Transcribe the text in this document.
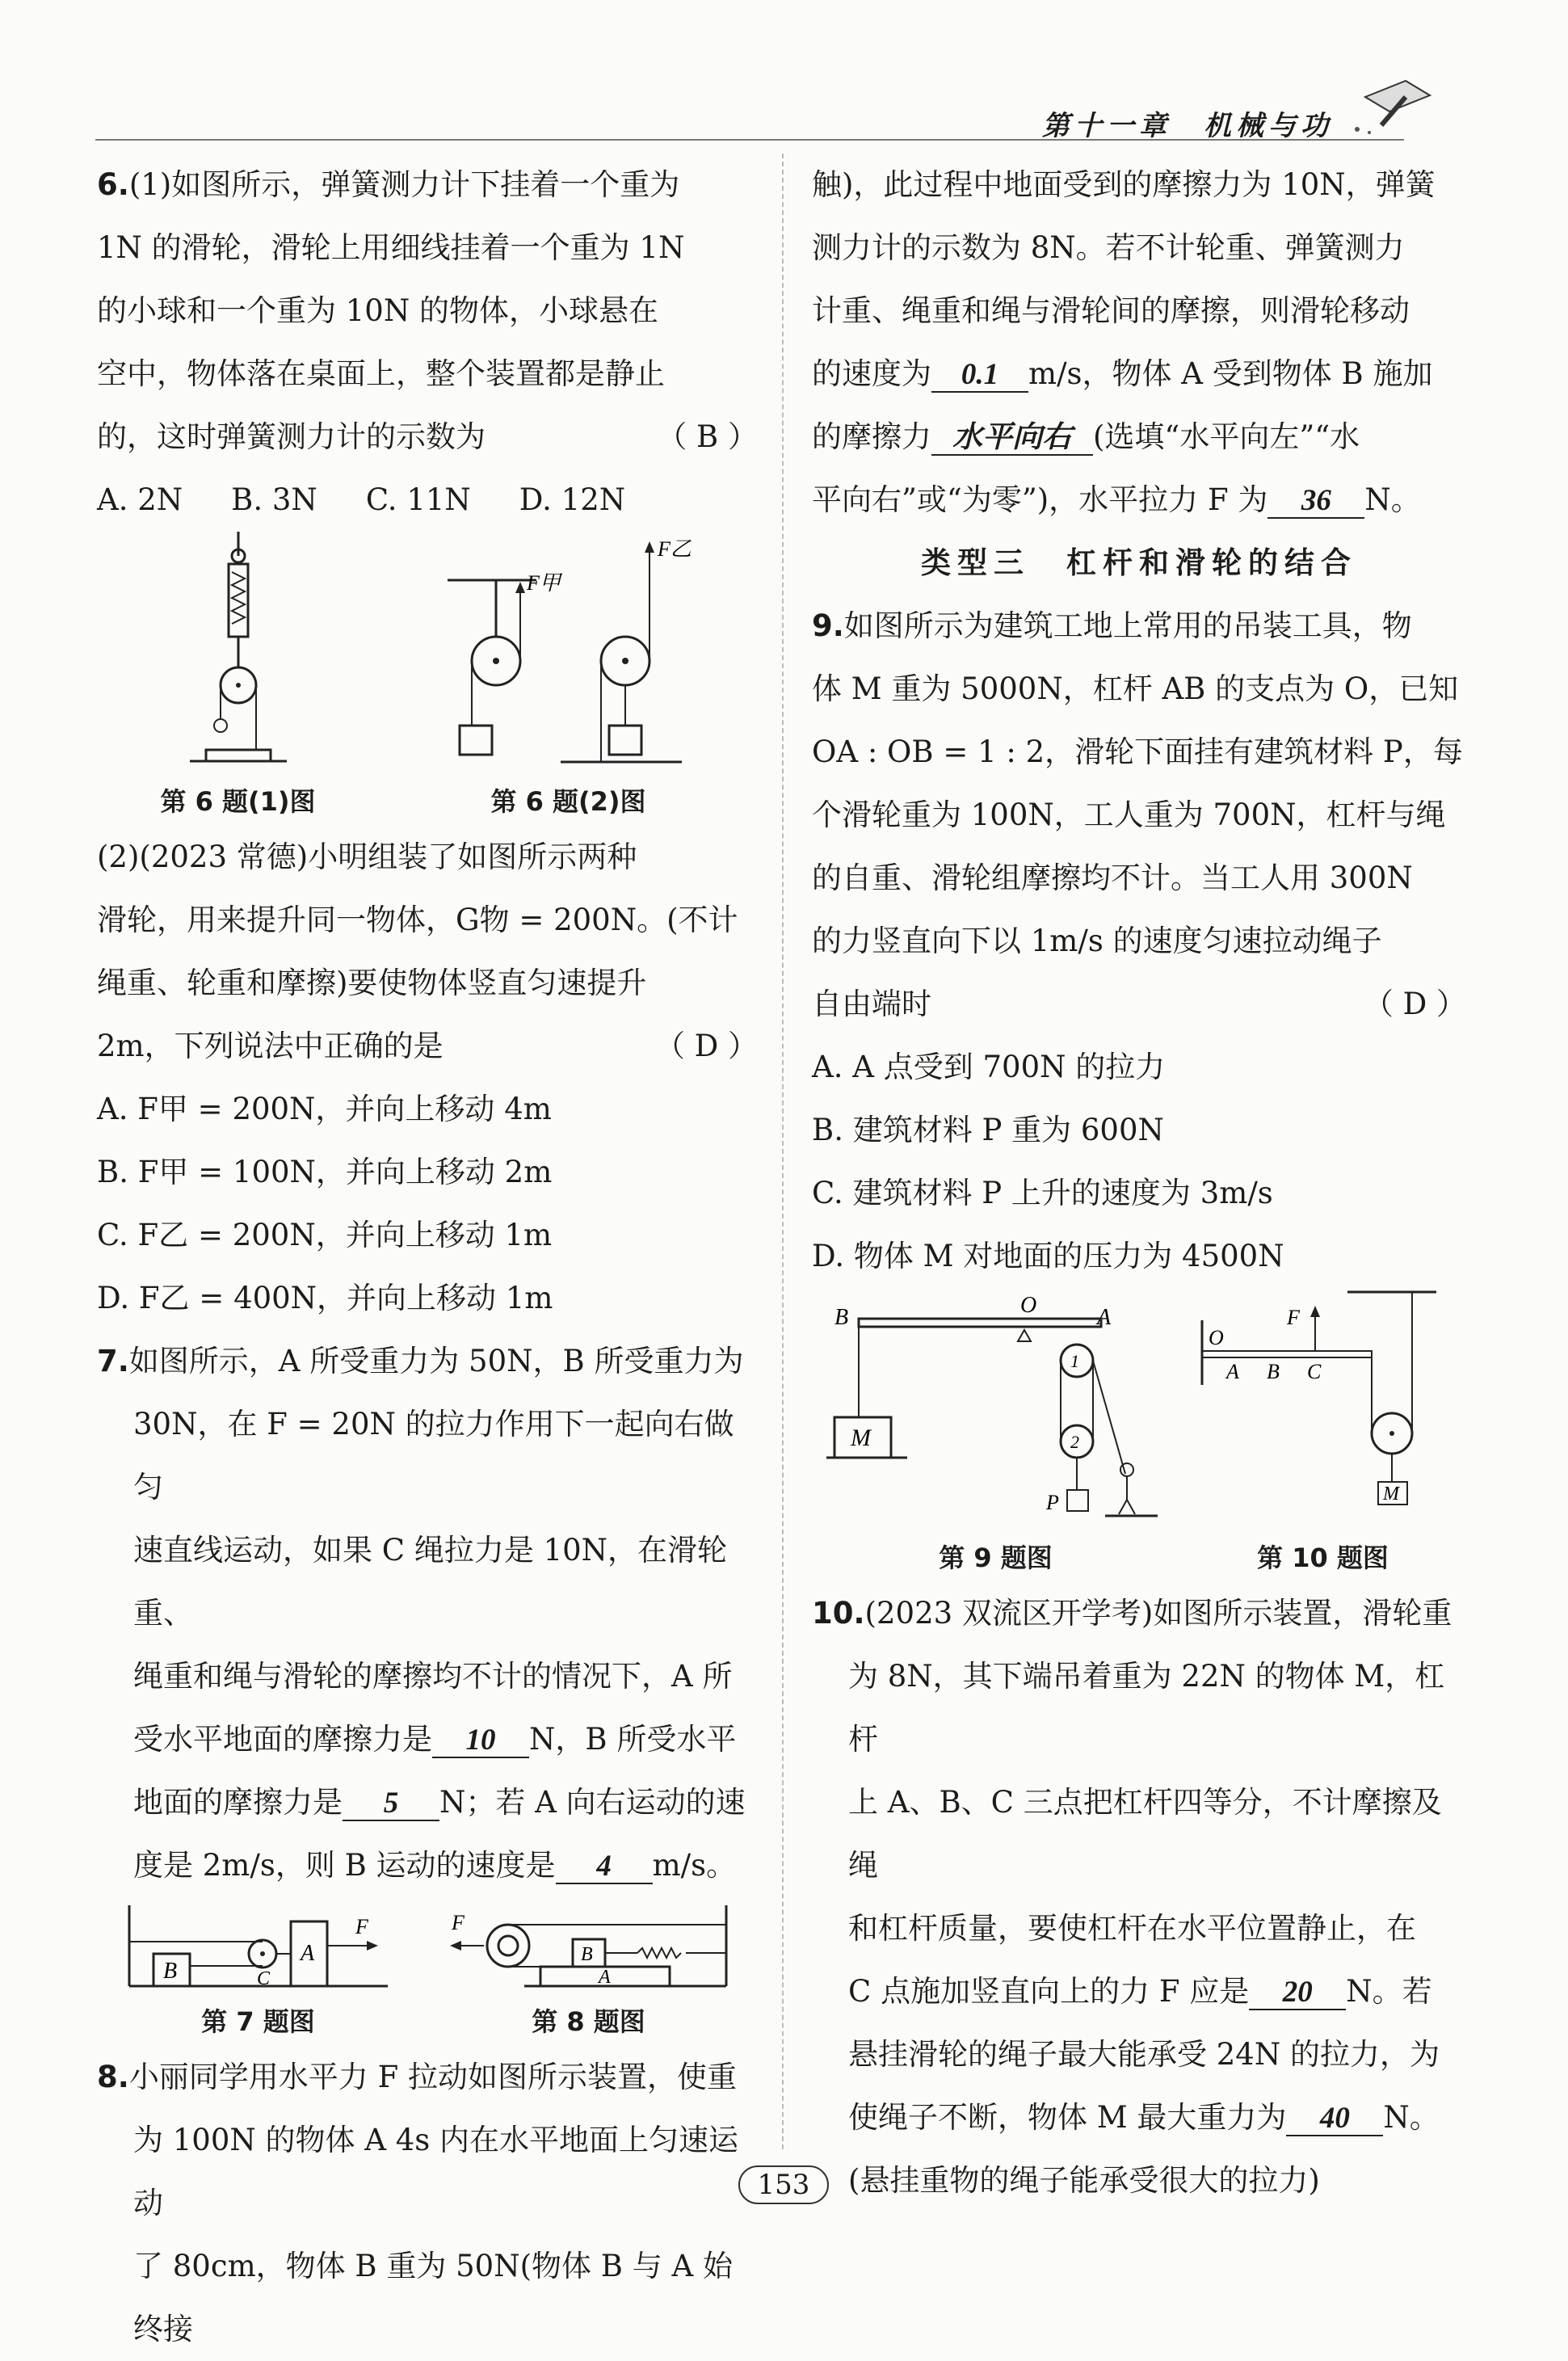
第十一章　机械与功

6.(1)如图所示，弹簧测力计下挂着一个重为

1N 的滑轮，滑轮上用细线挂着一个重为 1N

的小球和一个重为 10N 的物体，小球悬在

空中，物体落在桌面上，整个装置都是静止

的，这时弹簧测力计的示数为	（ B ）

A. 2N B. 3N C. 11N D. 12N

第 6 题(1)图
F甲
F乙
第 6 题(2)图

(2)(2023 常德)小明组装了如图所示两种

滑轮，用来提升同一物体，G物 = 200N。(不计

绳重、轮重和摩擦)要使物体竖直匀速提升

2m，下列说法中正确的是	（ D ）

A. F甲 = 200N，并向上移动 4m

B. F甲 = 100N，并向上移动 2m

C. F乙 = 200N，并向上移动 1m

D. F乙 = 400N，并向上移动 1m

7.如图所示，A 所受重力为 50N，B 所受重力为

30N，在 F = 20N 的拉力作用下一起向右做匀

速直线运动，如果 C 绳拉力是 10N，在滑轮重、

绳重和绳与滑轮的摩擦均不计的情况下，A 所

受水平地面的摩擦力是 10 N，B 所受水平

地面的摩擦力是 5 N；若 A 向右运动的速

度是 2m/s，则 B 运动的速度是 4 m/s。

B	C
A
F
第 7 题图
F
A
B
第 8 题图

8.小丽同学用水平力 F 拉动如图所示装置，使重

为 100N 的物体 A 4s 内在水平地面上匀速运动

了 80cm，物体 B 重为 50N(物体 B 与 A 始终接

触)，此过程中地面受到的摩擦力为 10N，弹簧

测力计的示数为 8N。若不计轮重、弹簧测力

计重、绳重和绳与滑轮间的摩擦，则滑轮移动

的速度为 0.1 m/s，物体 A 受到物体 B 施加

的摩擦力 水平向右 (选填“水平向左”“水

平向右”或“为零”)，水平拉力 F 为 36 N。

类型三　杠杆和滑轮的结合

9.如图所示为建筑工地上常用的吊装工具，物

体 M 重为 5000N，杠杆 AB 的支点为 O，已知

OA : OB = 1 : 2，滑轮下面挂有建筑材料 P，每

个滑轮重为 100N，工人重为 700N，杠杆与绳

的自重、滑轮组摩擦均不计。当工人用 300N

的力竖直向下以 1m/s 的速度匀速拉动绳子

自由端时	（ D ）

A. A 点受到 700N 的拉力

B. 建筑材料 P 重为 600N

C. 建筑材料 P 上升的速度为 3m/s

D. 物体 M 对地面的压力为 4500N

B	O	A
M
1
2
P
第 9 题图
O
A B C
F
M
第 10 题图

10.(2023 双流区开学考)如图所示装置，滑轮重

为 8N，其下端吊着重为 22N 的物体 M，杠杆

上 A、B、C 三点把杠杆四等分，不计摩擦及绳

和杠杆质量，要使杠杆在水平位置静止，在

C 点施加竖直向上的力 F 应是 20 N。若

悬挂滑轮的绳子最大能承受 24N 的拉力，为

使绳子不断，物体 M 最大重力为 40 N。

(悬挂重物的绳子能承受很大的拉力)

153
